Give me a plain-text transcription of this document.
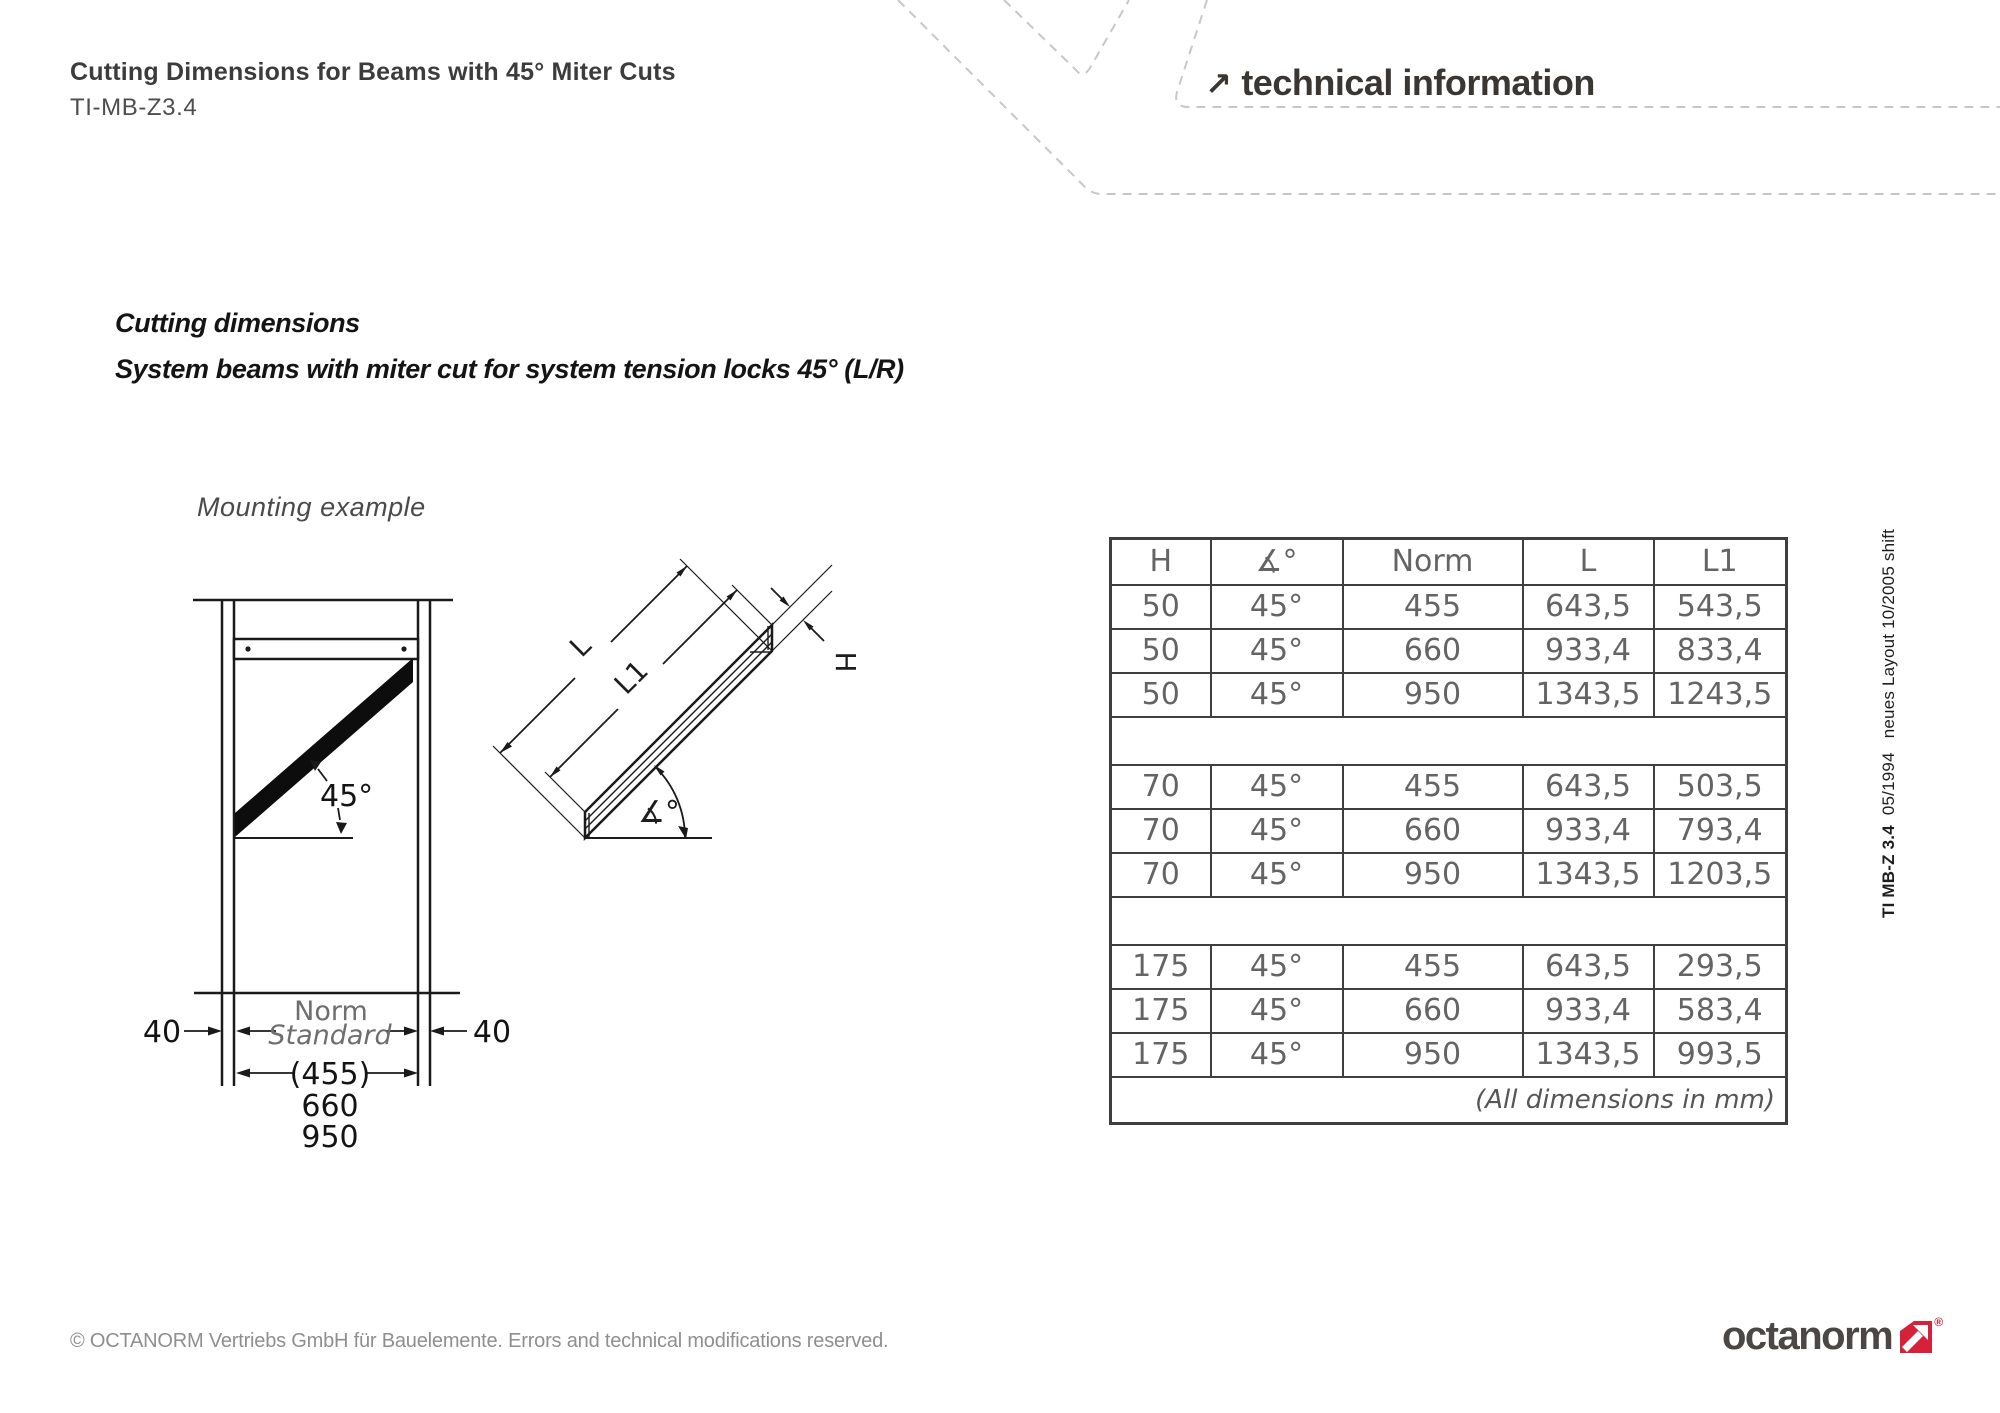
Cutting Dimensions for Beams with 45° Miter Cuts
TI-MB-Z3.4
↗ technical information
Cutting dimensions
System beams with miter cut for system tension locks 45° (L/R)
Mounting example
45°
40	40
Norm
Standard
(455)
660
950
L
L1	H
∡°
H	∡°	Norm	L	L1
50	45°	455	643,5	543,5
50	45°	660	933,4	833,4
50	45°	950	1343,5	1243,5

70	45°	455	643,5	503,5
70	45°	660	933,4	793,4
70	45°	950	1343,5	1203,5

175	45°	455	643,5	293,5
175	45°	660	933,4	583,4
175	45°	950	1343,5	993,5
(All dimensions in mm)				
TI MB-Z 3.405/1994neues Layout 10/2005 shift
© OCTANORM Vertriebs GmbH für Bauelemente. Errors and technical modifications reserved.	octanorm	®
